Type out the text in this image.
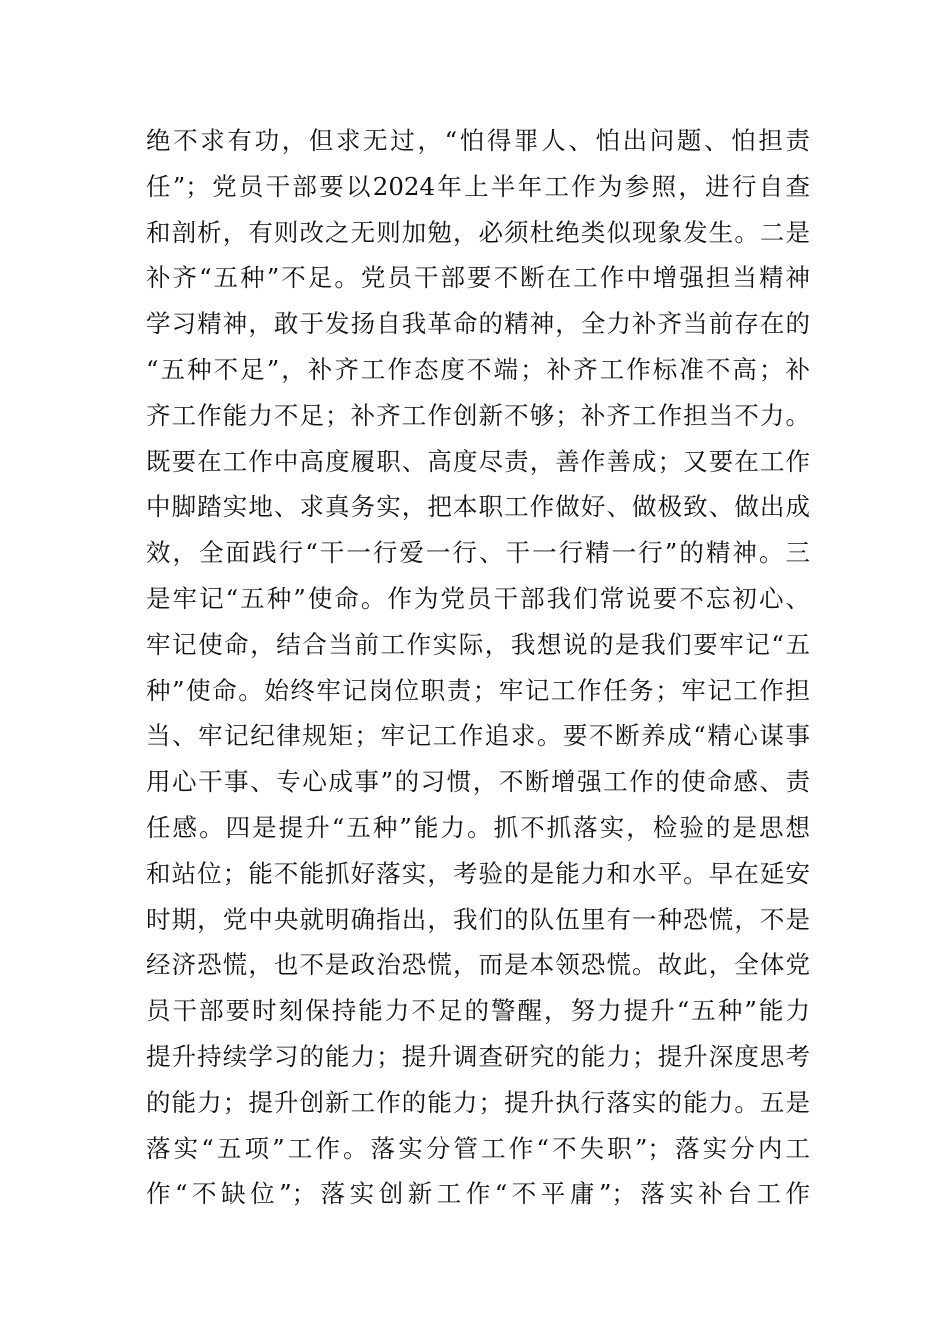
绝不求有功，但求无过，“怕得罪人、怕出问题、怕担责
任”；党员干部要以2024年上半年工作为参照，进行自查
和剖析，有则改之无则加勉，必须杜绝类似现象发生。二是
补齐“五种”不足。党员干部要不断在工作中增强担当精神
学习精神，敢于发扬自我革命的精神，全力补齐当前存在的
“五种不足”，补齐工作态度不端；补齐工作标准不高；补
齐工作能力不足；补齐工作创新不够；补齐工作担当不力。
既要在工作中高度履职、高度尽责，善作善成；又要在工作
中脚踏实地、求真务实，把本职工作做好、做极致、做出成
效，全面践行“干一行爱一行、干一行精一行”的精神。三
是牢记“五种”使命。作为党员干部我们常说要不忘初心、
牢记使命，结合当前工作实际，我想说的是我们要牢记“五
种”使命。始终牢记岗位职责；牢记工作任务；牢记工作担
当、牢记纪律规矩；牢记工作追求。要不断养成“精心谋事
用心干事、专心成事”的习惯，不断增强工作的使命感、责
任感。四是提升“五种”能力。抓不抓落实，检验的是思想
和站位；能不能抓好落实，考验的是能力和水平。早在延安
时期，党中央就明确指出，我们的队伍里有一种恐慌，不是
经济恐慌，也不是政治恐慌，而是本领恐慌。故此，全体党
员干部要时刻保持能力不足的警醒，努力提升“五种”能力
提升持续学习的能力；提升调查研究的能力；提升深度思考
的能力；提升创新工作的能力；提升执行落实的能力。五是
落实“五项”工作。落实分管工作“不失职”；落实分内工
作“不缺位”；落实创新工作“不平庸”；落实补台工作
